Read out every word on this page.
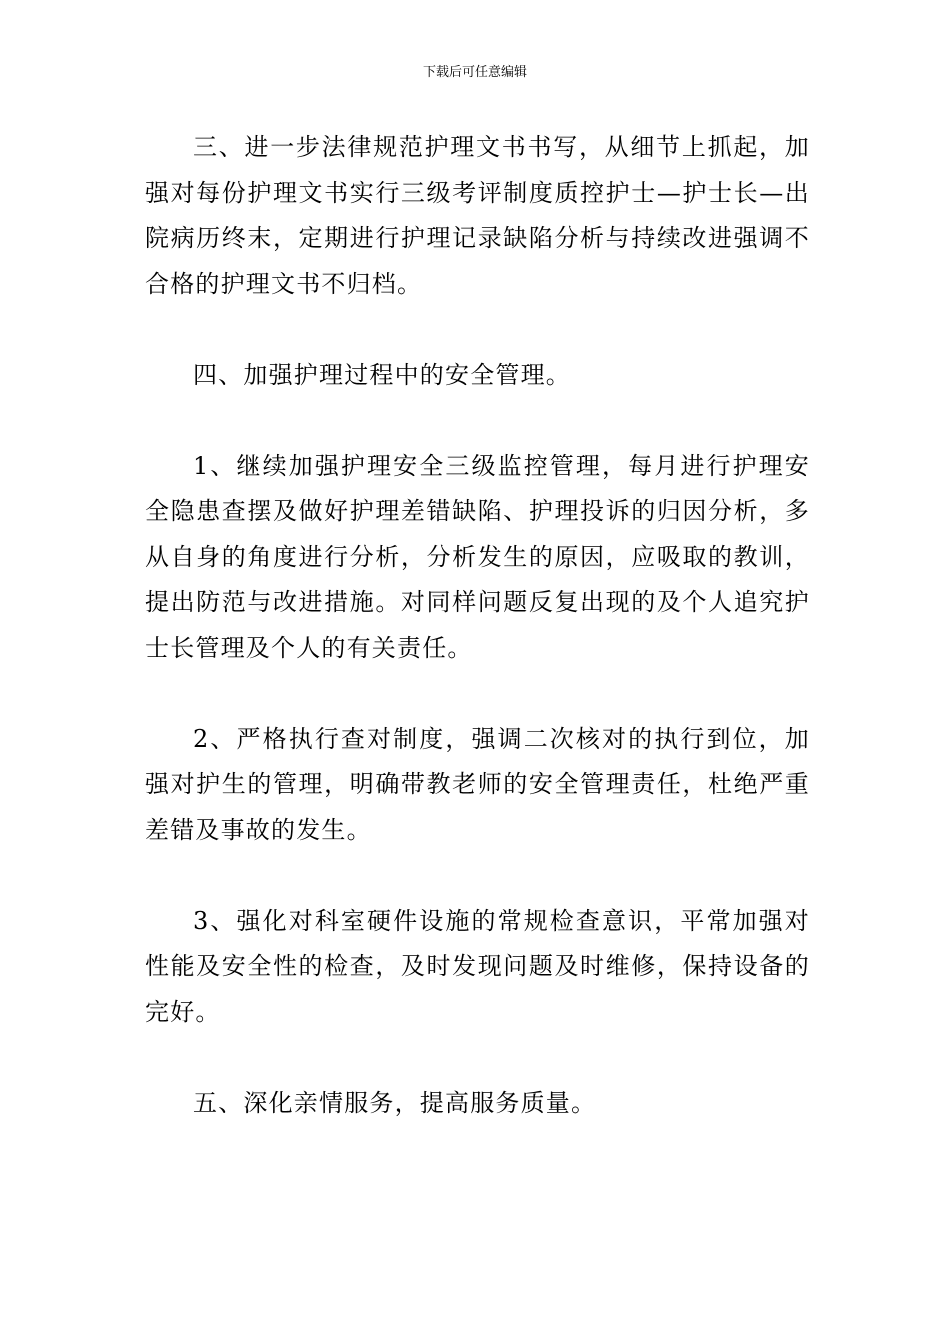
下载后可任意编辑

三、进一步法律规范护理文书书写，从细节上抓起，加强对每份护理文书实行三级考评制度质控护士—护士长—出院病历终末，定期进行护理记录缺陷分析与持续改进强调不合格的护理文书不归档。

四、加强护理过程中的安全管理。

1、继续加强护理安全三级监控管理，每月进行护理安全隐患查摆及做好护理差错缺陷、护理投诉的归因分析，多从自身的角度进行分析，分析发生的原因，应吸取的教训，提出防范与改进措施。对同样问题反复出现的及个人追究护士长管理及个人的有关责任。

2、严格执行查对制度，强调二次核对的执行到位，加强对护生的管理，明确带教老师的安全管理责任，杜绝严重差错及事故的发生。

3、强化对科室硬件设施的常规检查意识，平常加强对性能及安全性的检查，及时发现问题及时维修，保持设备的完好。

五、深化亲情服务，提高服务质量。
